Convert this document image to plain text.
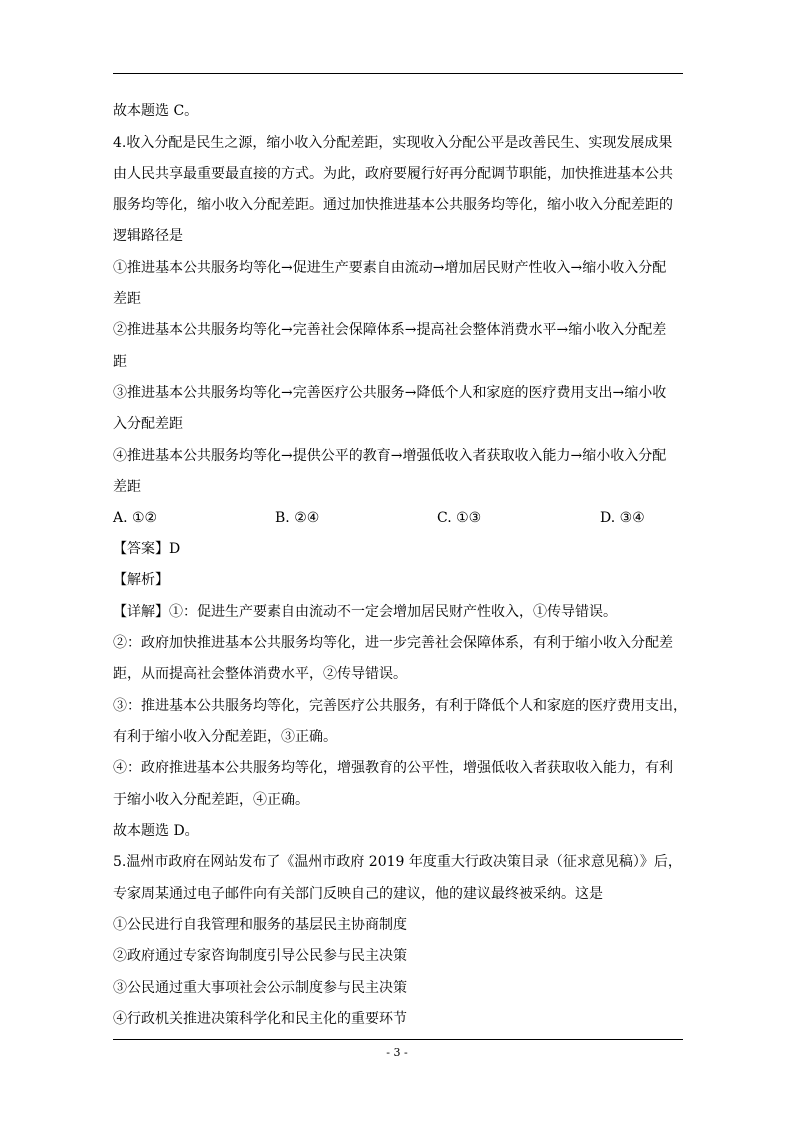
故本题选 C。
4.收入分配是民生之源，缩小收入分配差距，实现收入分配公平是改善民生、实现发展成果
由人民共享最重要最直接的方式。为此，政府要履行好再分配调节职能，加快推进基本公共
服务均等化，缩小收入分配差距。通过加快推进基本公共服务均等化，缩小收入分配差距的
逻辑路径是
①推进基本公共服务均等化→促进生产要素自由流动→增加居民财产性收入→缩小收入分配
差距
②推进基本公共服务均等化→完善社会保障体系→提高社会整体消费水平→缩小收入分配差
距
③推进基本公共服务均等化→完善医疗公共服务→降低个人和家庭的医疗费用支出→缩小收
入分配差距
④推进基本公共服务均等化→提供公平的教育→增强低收入者获取收入能力→缩小收入分配
差距
A. ①②	B. ②④	C. ①③	D. ③④
【答案】D
【解析】
【详解】①：促进生产要素自由流动不一定会增加居民财产性收入，①传导错误。
②：政府加快推进基本公共服务均等化，进一步完善社会保障体系，有利于缩小收入分配差
距，从而提高社会整体消费水平，②传导错误。
③：推进基本公共服务均等化，完善医疗公共服务，有利于降低个人和家庭的医疗费用支出，
有利于缩小收入分配差距，③正确。
④：政府推进基本公共服务均等化，增强教育的公平性，增强低收入者获取收入能力，有利
于缩小收入分配差距，④正确。
故本题选 D。
5.温州市政府在网站发布了《温州市政府 2019 年度重大行政决策目录（征求意见稿）》后，
专家周某通过电子邮件向有关部门反映自己的建议，他的建议最终被采纳。这是
①公民进行自我管理和服务的基层民主协商制度
②政府通过专家咨询制度引导公民参与民主决策
③公民通过重大事项社会公示制度参与民主决策
④行政机关推进决策科学化和民主化的重要环节
- 3 -
